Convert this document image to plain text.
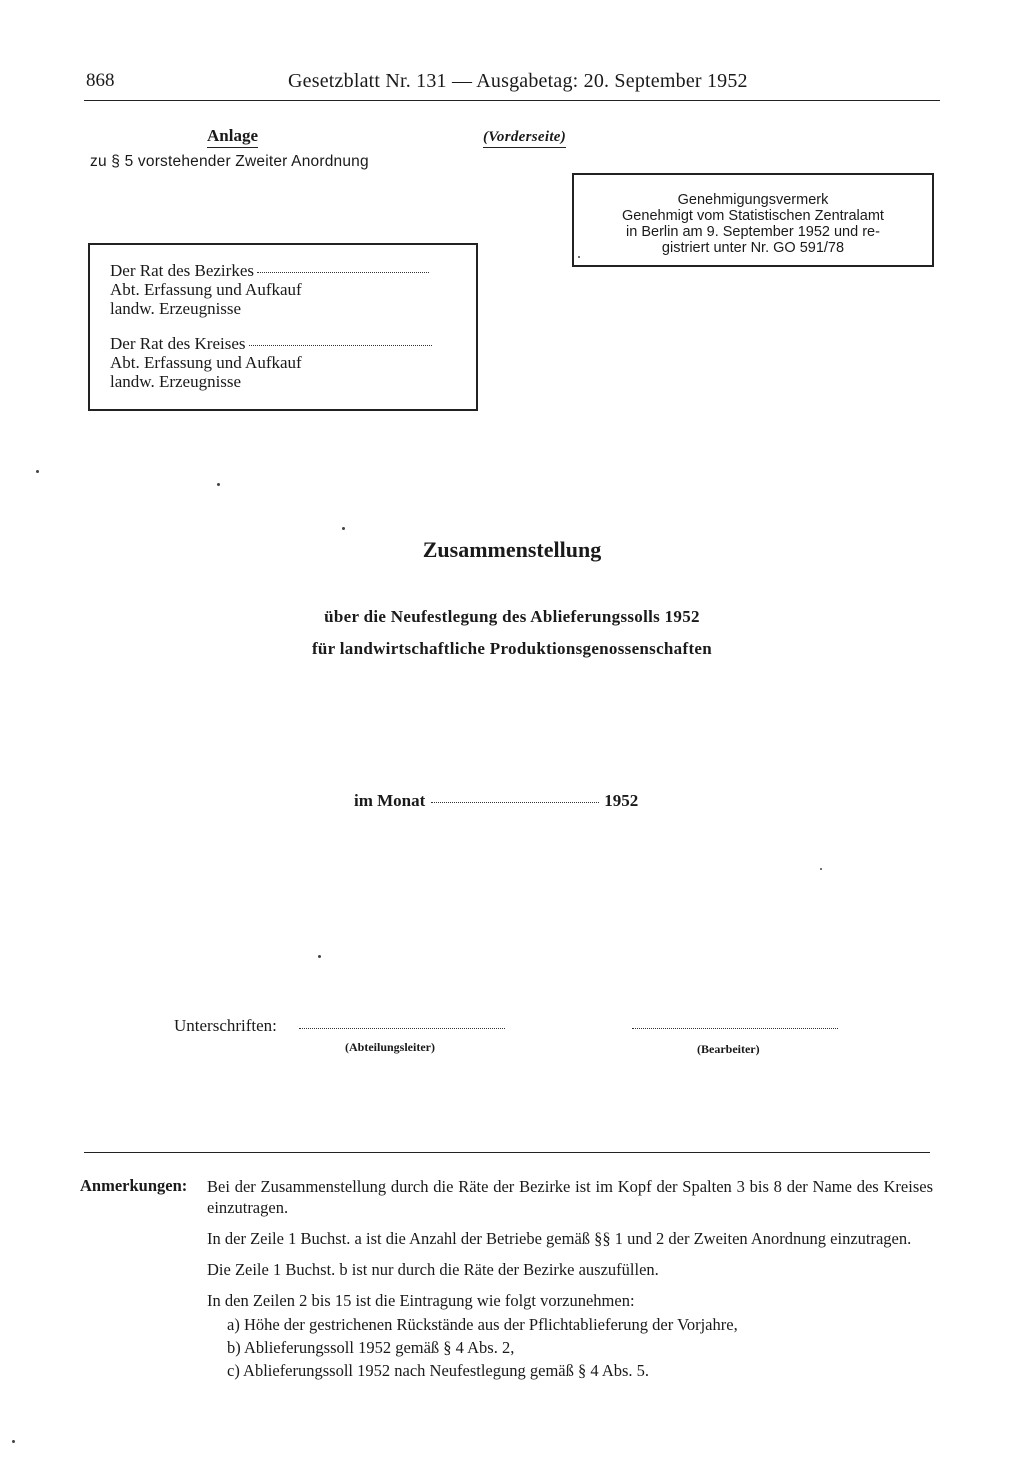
868	Gesetzblatt Nr. 131 — Ausgabetag: 20. September 1952
Anlage
zu § 5 vorstehender Zweiter Anordnung
(Vorderseite)
Genehmigungsvermerk
Genehmigt vom Statistischen Zentralamt
in Berlin am 9. September 1952 und re-
gistriert unter Nr. GO 591/78
Der Rat des Bezirkes
Abt. Erfassung und Aufkauf
landw. Erzeugnisse
Der Rat des Kreises
Abt. Erfassung und Aufkauf
landw. Erzeugnisse
Zusammenstellung
über die Neufestlegung des Ablieferungssolls 1952
für landwirtschaftliche Produktionsgenossenschaften
im Monat	1952
Unterschriften:
(Abteilungsleiter)	(Bearbeiter)
Anmerkungen: Bei der Zusammenstellung durch die Räte der Bezirke ist im Kopf der Spalten 3 bis 8 der Name des Kreises einzutragen.
In der Zeile 1 Buchst. a ist die Anzahl der Betriebe gemäß §§ 1 und 2 der Zweiten Anordnung einzutragen.
Die Zeile 1 Buchst. b ist nur durch die Räte der Bezirke auszufüllen.
In den Zeilen 2 bis 15 ist die Eintragung wie folgt vorzunehmen:
a) Höhe der gestrichenen Rückstände aus der Pflichtablieferung der Vorjahre,
b) Ablieferungssoll 1952 gemäß § 4 Abs. 2,
c) Ablieferungssoll 1952 nach Neufestlegung gemäß § 4 Abs. 5.
